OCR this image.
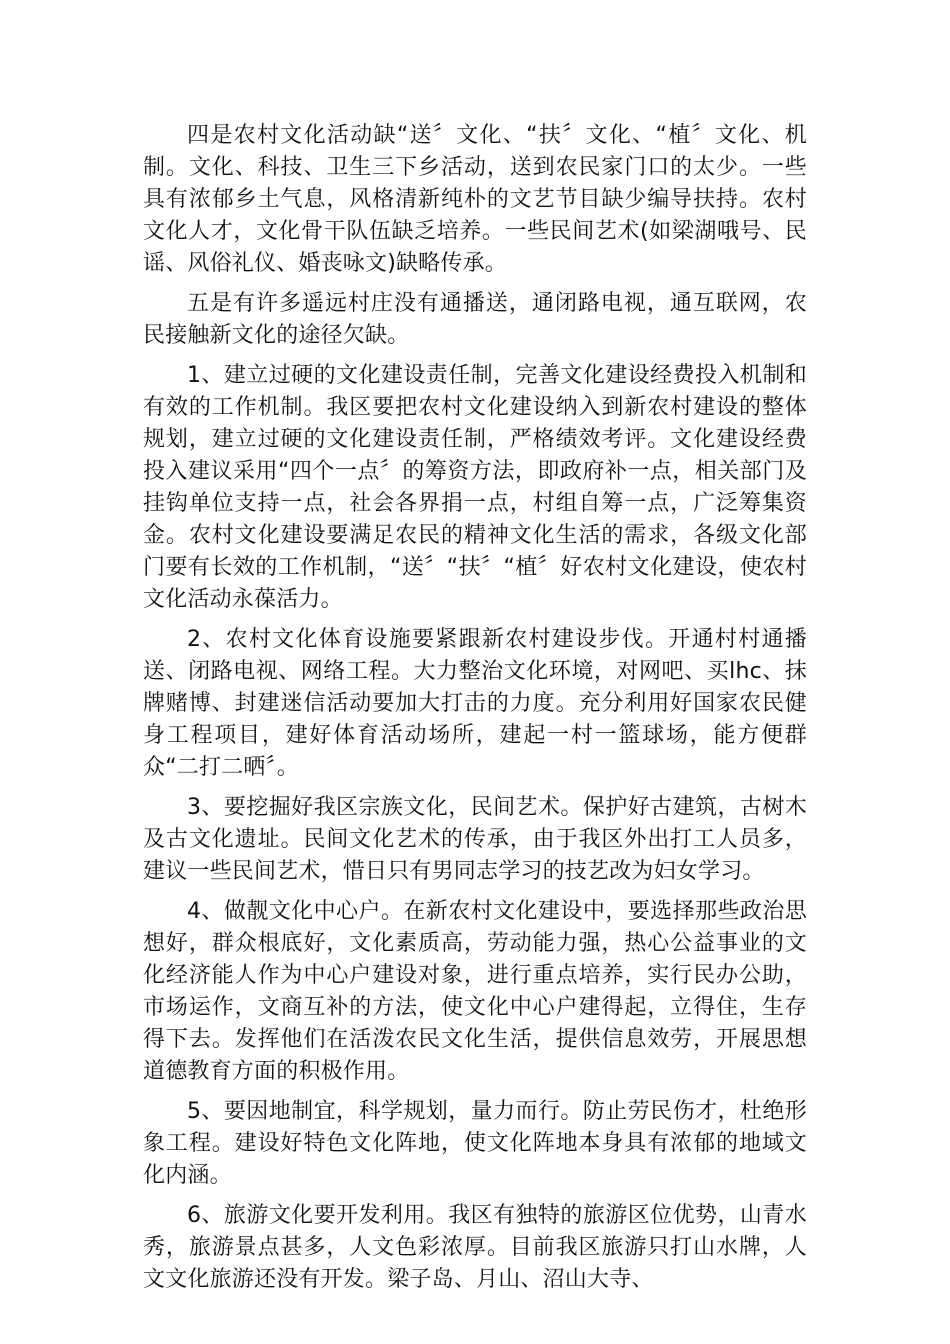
四是农村文化活动缺“送〞文化、“扶〞文化、“植〞文化、机制。文化、科技、卫生三下乡活动，送到农民家门口的太少。一些具有浓郁乡土气息，风格清新纯朴的文艺节目缺少编导扶持。农村文化人才，文化骨干队伍缺乏培养。一些民间艺术(如梁湖哦号、民谣、风俗礼仪、婚丧咏文)缺略传承。

五是有许多遥远村庄没有通播送，通闭路电视，通互联网，农民接触新文化的途径欠缺。

1、建立过硬的文化建设责任制，完善文化建设经费投入机制和有效的工作机制。我区要把农村文化建设纳入到新农村建设的整体规划，建立过硬的文化建设责任制，严格绩效考评。文化建设经费投入建议采用“四个一点〞的筹资方法，即政府补一点，相关部门及挂钩单位支持一点，社会各界捐一点，村组自筹一点，广泛筹集资金。农村文化建设要满足农民的精神文化生活的需求，各级文化部门要有长效的工作机制，“送〞“扶〞“植〞好农村文化建设，使农村文化活动永葆活力。

2、农村文化体育设施要紧跟新农村建设步伐。开通村村通播送、闭路电视、网络工程。大力整治文化环境，对网吧、买lhc、抹牌赌博、封建迷信活动要加大打击的力度。充分利用好国家农民健身工程项目，建好体育活动场所，建起一村一篮球场，能方便群众“二打二晒〞。

3、要挖掘好我区宗族文化，民间艺术。保护好古建筑，古树木及古文化遗址。民间文化艺术的传承，由于我区外出打工人员多，建议一些民间艺术，惜日只有男同志学习的技艺改为妇女学习。

4、做靓文化中心户。在新农村文化建设中，要选择那些政治思想好，群众根底好，文化素质高，劳动能力强，热心公益事业的文化经济能人作为中心户建设对象，进行重点培养，实行民办公助，市场运作，文商互补的方法，使文化中心户建得起，立得住，生存得下去。发挥他们在活泼农民文化生活，提供信息效劳，开展思想道德教育方面的积极作用。

5、要因地制宜，科学规划，量力而行。防止劳民伤才，杜绝形象工程。建设好特色文化阵地，使文化阵地本身具有浓郁的地域文化内涵。

6、旅游文化要开发利用。我区有独特的旅游区位优势，山青水秀，旅游景点甚多，人文色彩浓厚。目前我区旅游只打山水牌，人文文化旅游还没有开发。梁子岛、月山、沼山大寺、
